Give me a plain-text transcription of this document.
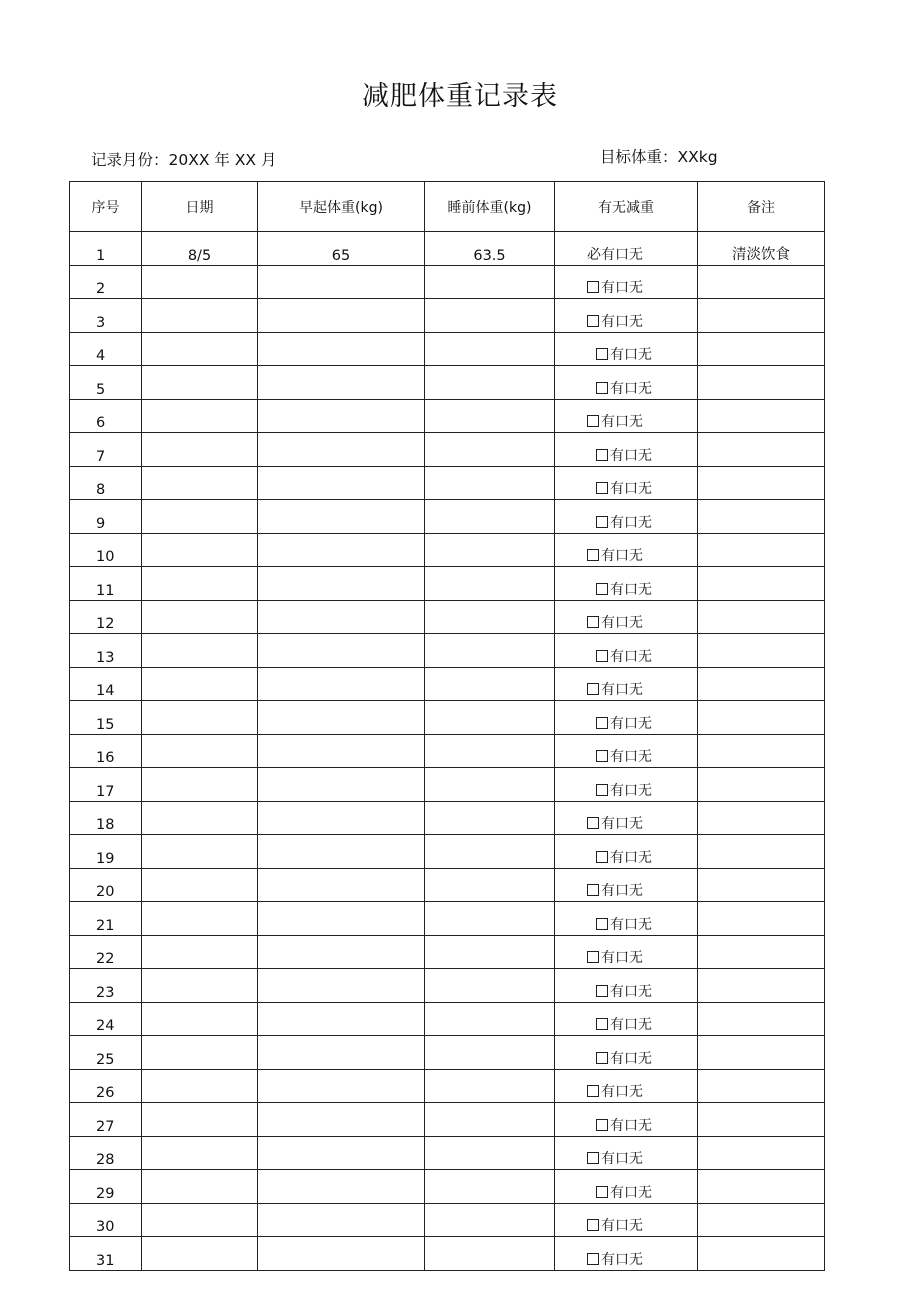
减肥体重记录表
记录月份：20XX 年 XX 月	目标体重：XXkg
序号	日期	早起体重(kg)	睡前体重(kg)	有无减重	备注
1	8/5	65	63.5	必有口无	清淡饮食
2				有口无	
3				有口无	
4				有口无	
5				有口无	
6				有口无	
7				有口无	
8				有口无	
9				有口无	
10				有口无	
11				有口无	
12				有口无	
13				有口无	
14				有口无	
15				有口无	
16				有口无	
17				有口无	
18				有口无	
19				有口无	
20				有口无	
21				有口无	
22				有口无	
23				有口无	
24				有口无	
25				有口无	
26				有口无	
27				有口无	
28				有口无	
29				有口无	
30				有口无	
31				有口无	
